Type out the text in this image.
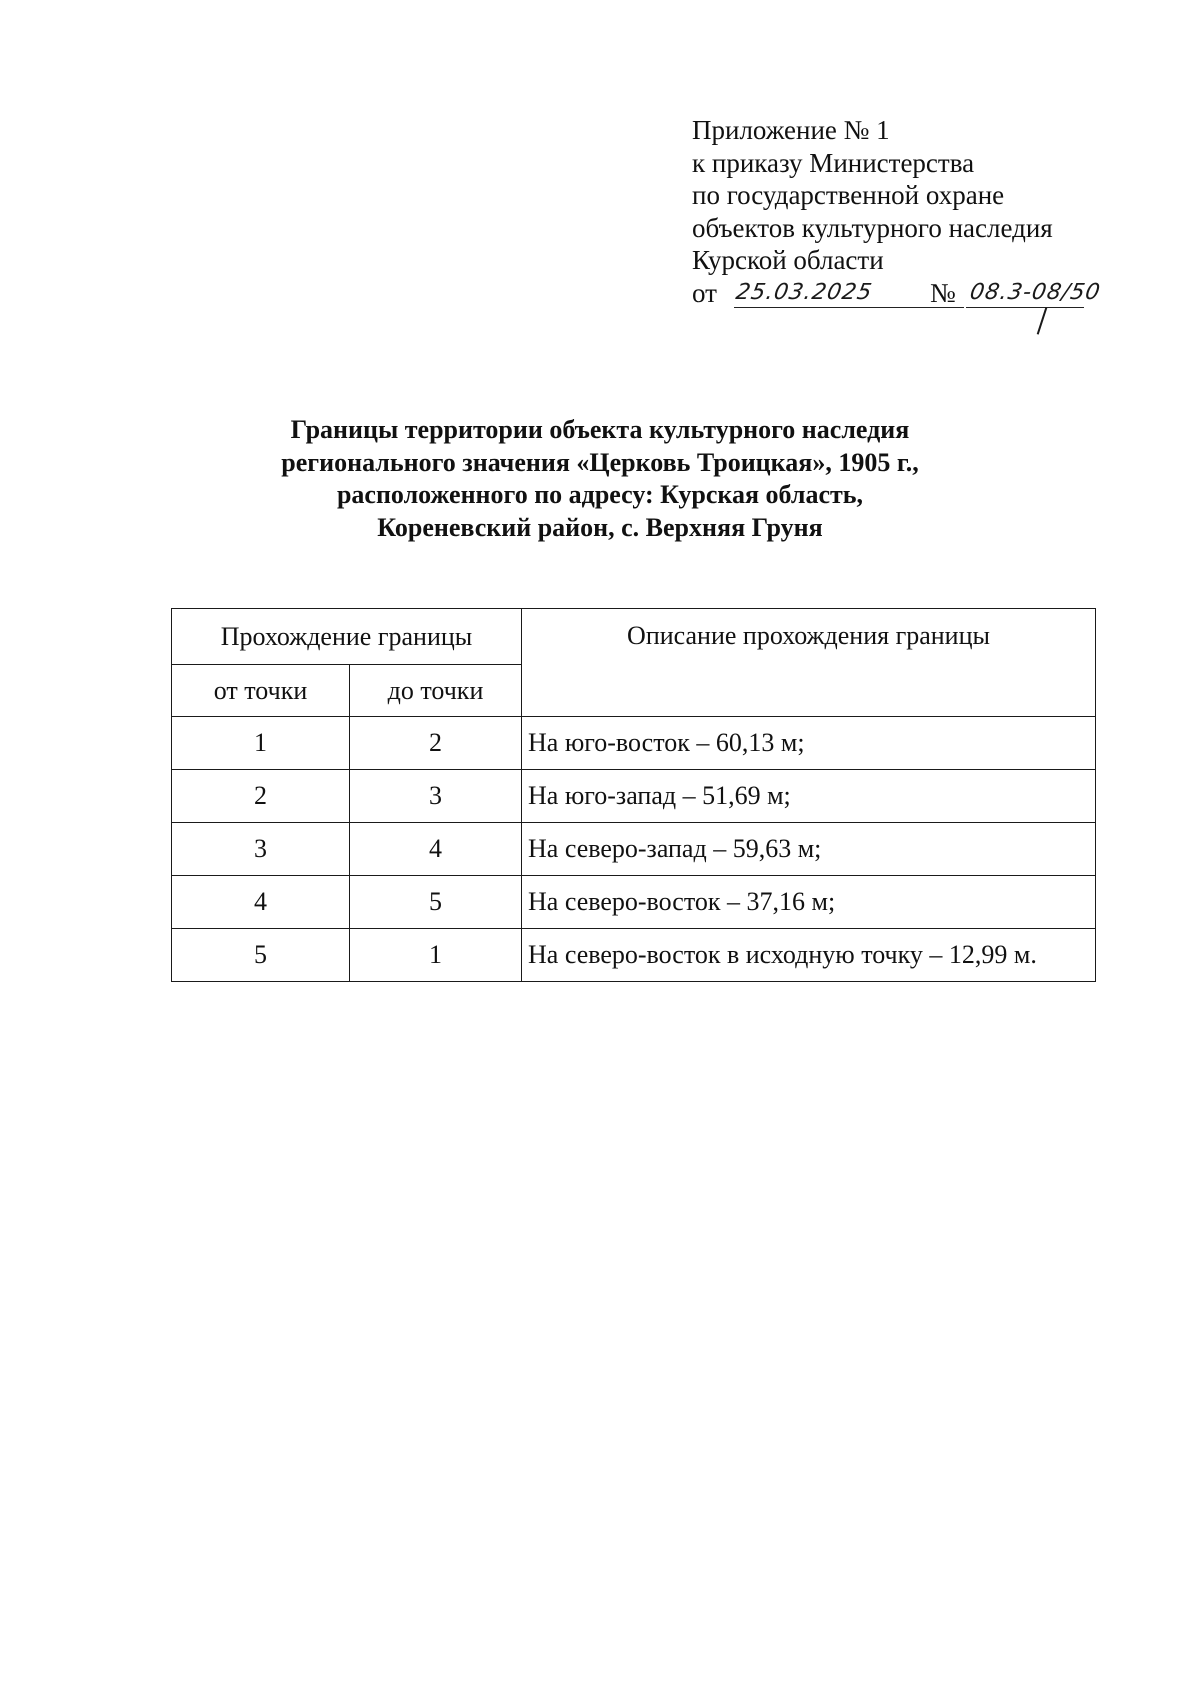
Приложение № 1
к приказу Министерства
по государственной охране
объектов культурного наследия
Курской области
от 25.03.2025 № 08.3-08/50
Границы территории объекта культурного наследия
регионального значения «Церковь Троицкая», 1905 г.,
расположенного по адресу: Курская область,
Кореневский район, с. Верхняя Груня
Прохождение границы		Описание прохождения границы
от точки	до точки	
1	2	На юго-восток – 60,13 м;
2	3	На юго-запад – 51,69 м;
3	4	На северо-запад – 59,63 м;
4	5	На северо-восток – 37,16 м;
5	1	На северо-восток в исходную точку – 12,99 м.
